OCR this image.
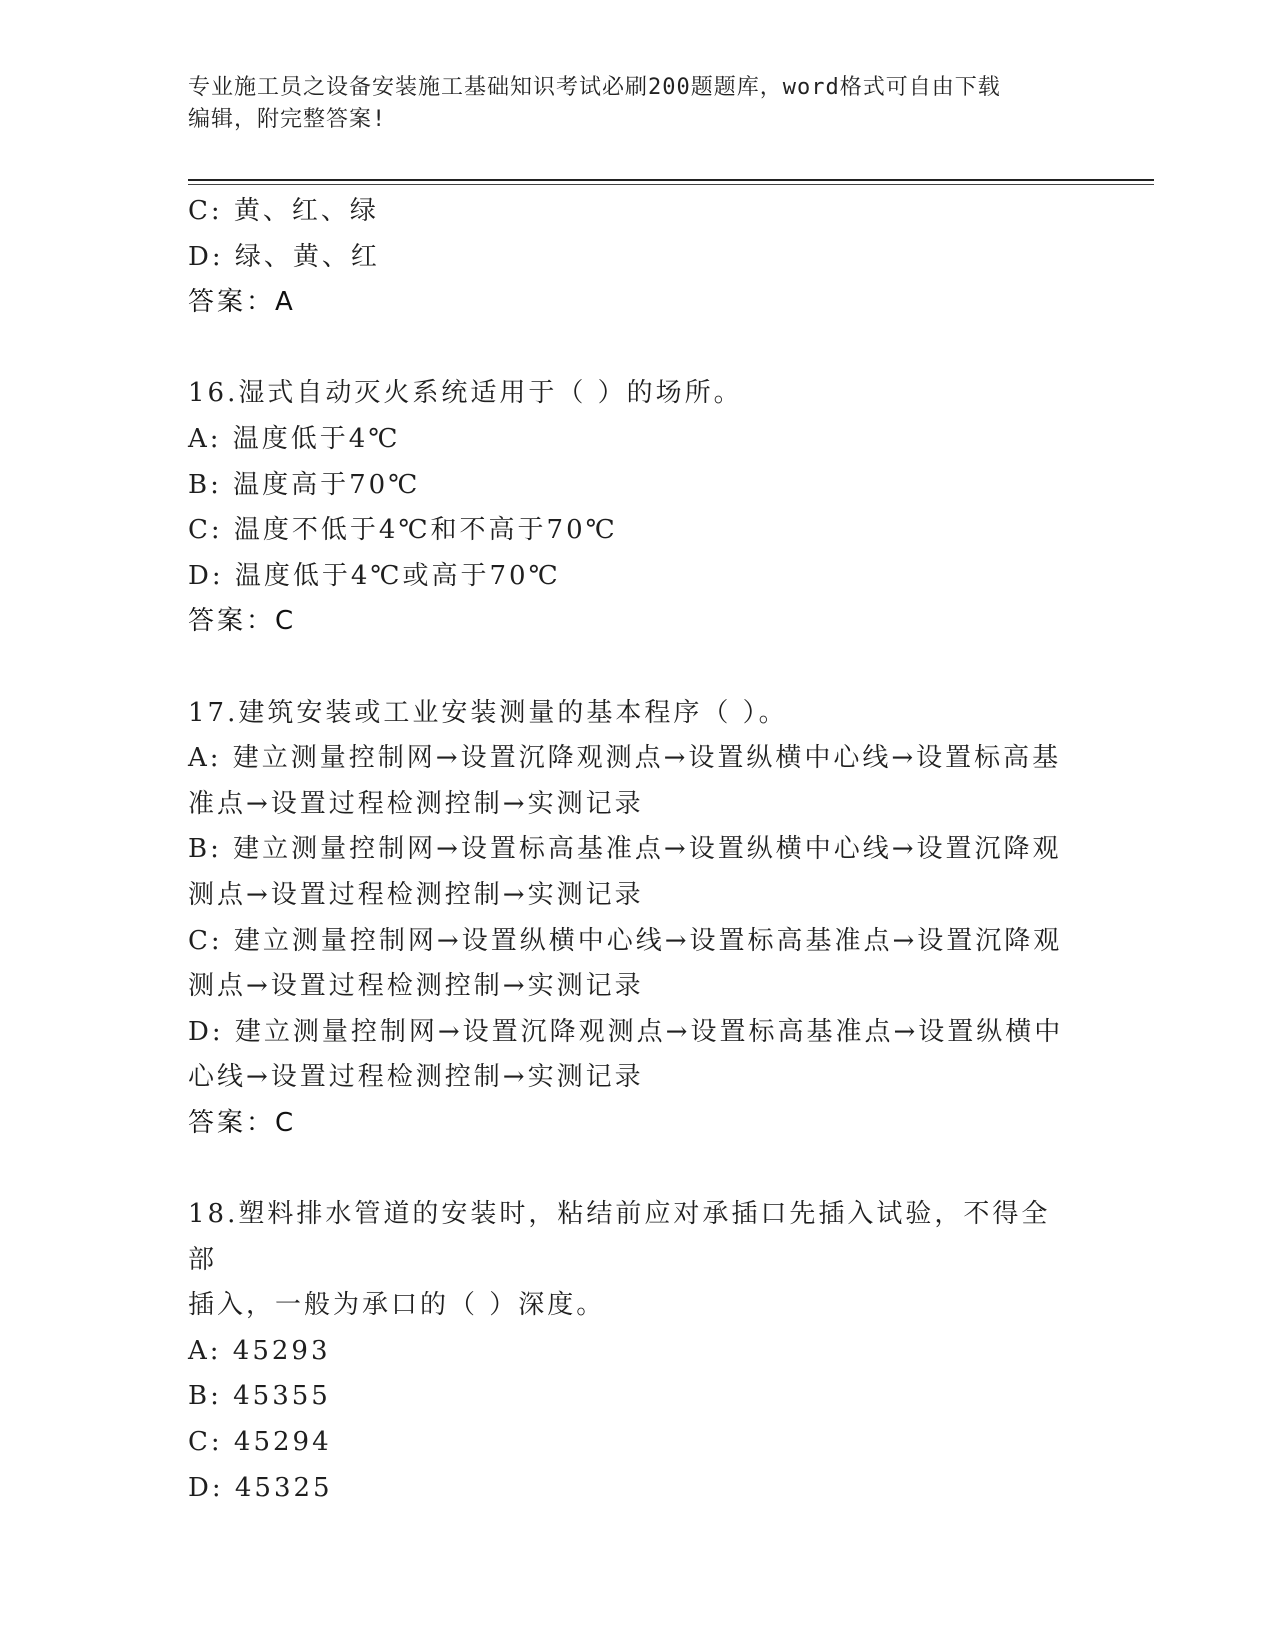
专业施工员之设备安装施工基础知识考试必刷200题题库，word格式可自由下载
编辑，附完整答案!
C: 黄、红、绿
D: 绿、黄、红
答案：A
16.湿式自动灭火系统适用于（ ）的场所。
A: 温度低于4℃
B: 温度高于70℃
C: 温度不低于4℃和不高于70℃
D: 温度低于4℃或高于70℃
答案：C
17.建筑安装或工业安装测量的基本程序（ ）。
A: 建立测量控制网→设置沉降观测点→设置纵横中心线→设置标高基
准点→设置过程检测控制→实测记录
B: 建立测量控制网→设置标高基准点→设置纵横中心线→设置沉降观
测点→设置过程检测控制→实测记录
C: 建立测量控制网→设置纵横中心线→设置标高基准点→设置沉降观
测点→设置过程检测控制→实测记录
D: 建立测量控制网→设置沉降观测点→设置标高基准点→设置纵横中
心线→设置过程检测控制→实测记录
答案：C
18.塑料排水管道的安装时，粘结前应对承插口先插入试验，不得全部
插入，一般为承口的（ ）深度。
A: 45293
B: 45355
C: 45294
D: 45325
